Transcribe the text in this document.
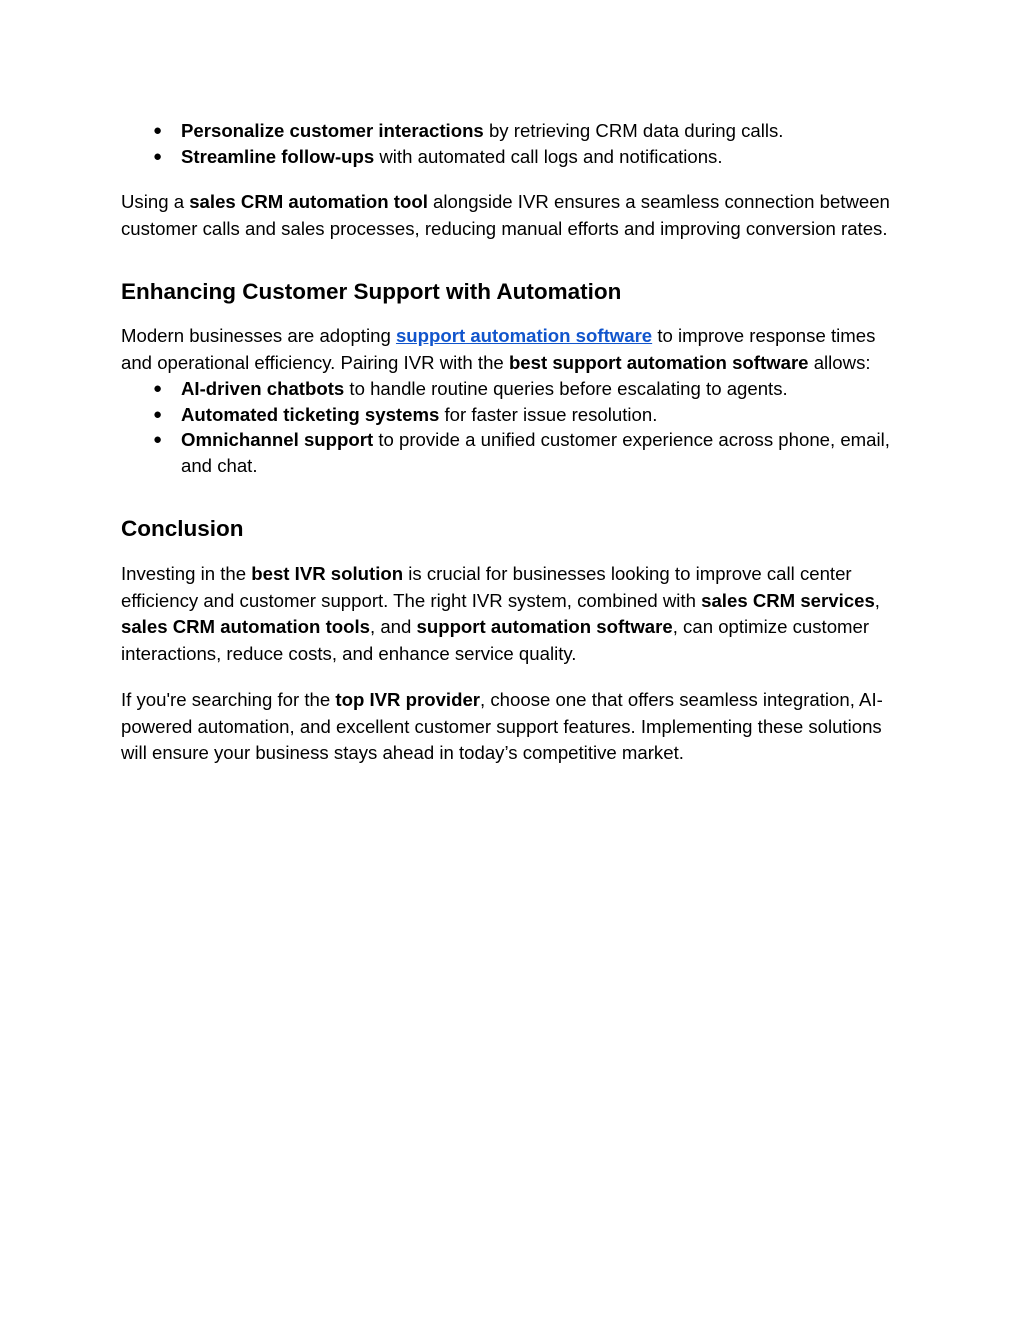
● Personalize customer interactions by retrieving CRM data during calls.
● Streamline follow-ups with automated call logs and notifications.

Using a sales CRM automation tool alongside IVR ensures a seamless connection between customer calls and sales processes, reducing manual efforts and improving conversion rates.

Enhancing Customer Support with Automation

Modern businesses are adopting support automation software to improve response times and operational efficiency. Pairing IVR with the best support automation software allows:

● AI-driven chatbots to handle routine queries before escalating to agents.
● Automated ticketing systems for faster issue resolution.
● Omnichannel support to provide a unified customer experience across phone, email, and chat.
Conclusion

Investing in the best IVR solution is crucial for businesses looking to improve call center efficiency and customer support. The right IVR system, combined with sales CRM services, sales CRM automation tools, and support automation software, can optimize customer interactions, reduce costs, and enhance service quality.

If you're searching for the top IVR provider, choose one that offers seamless integration, AI-powered automation, and excellent customer support features. Implementing these solutions will ensure your business stays ahead in today’s competitive market.
